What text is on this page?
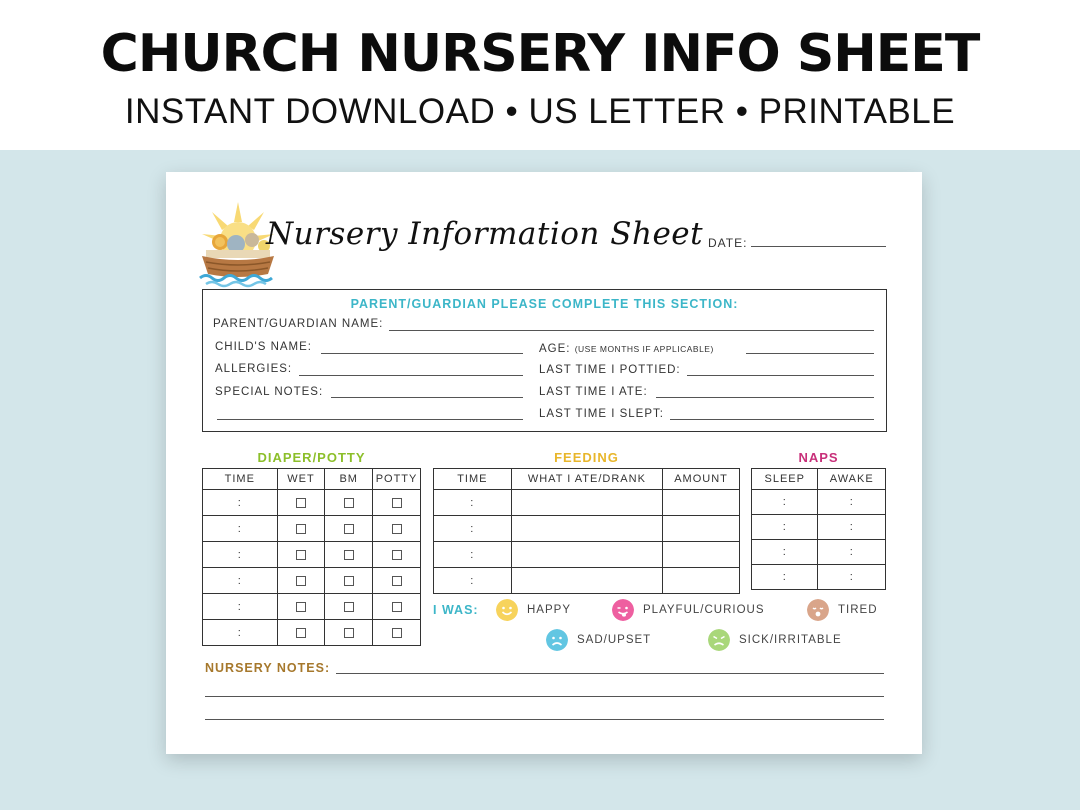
CHURCH NURSERY INFO SHEET
INSTANT DOWNLOAD • US LETTER • PRINTABLE
Nursery Information Sheet DATE:
PARENT/GUARDIAN PLEASE COMPLETE THIS SECTION:
PARENT/GUARDIAN NAME:
CHILD'S NAME:	AGE: (USE MONTHS IF APPLICABLE)
ALLERGIES:	LAST TIME I POTTIED:
SPECIAL NOTES:	LAST TIME I ATE:
LAST TIME I SLEPT:
DIAPER/POTTY	FEEDING	NAPS
TIME	WET	BM	POTTY
:			
:			
:			
:			
:			
:			
TIME	WHAT I ATE/DRANK	AMOUNT
:		
:		
:		
:		
SLEEP	AWAKE
:	:
:	:
:	:
:	:
I WAS:	HAPPY	PLAYFUL/CURIOUS	TIRED
SAD/UPSET	SICK/IRRITABLE
NURSERY NOTES:
